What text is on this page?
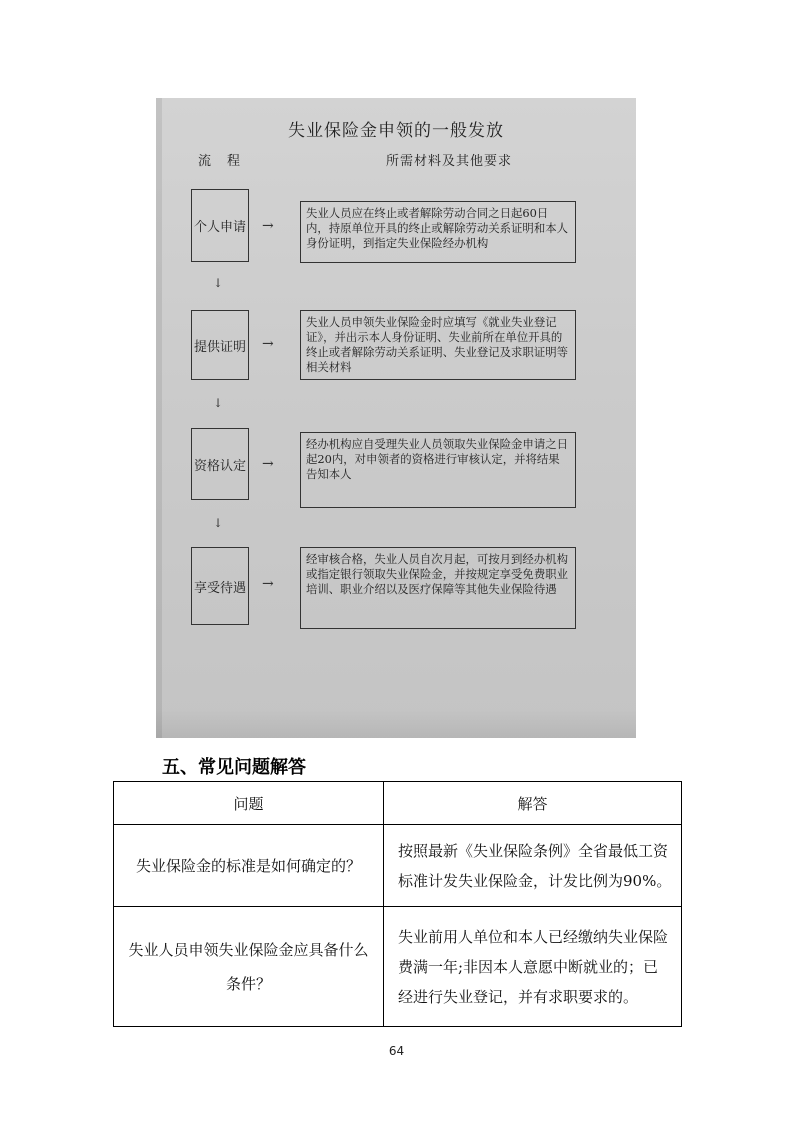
失业保险金申领的一般发放
流程	所需材料及其他要求
个人申请 →
失业人员应在终止或者解除劳动合同之日起60日内，持原单位开具的终止或解除劳动关系证明和本人身份证明，到指定失业保险经办机构
↓
提供证明 →
失业人员申领失业保险金时应填写《就业失业登记证》，并出示本人身份证明、失业前所在单位开具的终止或者解除劳动关系证明、失业登记及求职证明等相关材料
↓
资格认定 →
经办机构应自受理失业人员领取失业保险金申请之日起20内，对申领者的资格进行审核认定，并将结果告知本人
↓
享受待遇 →
经审核合格，失业人员自次月起，可按月到经办机构或指定银行领取失业保险金，并按规定享受免费职业培训、职业介绍以及医疗保障等其他失业保险待遇
五、常见问题解答
问题	解答
失业保险金的标准是如何确定的？	按照最新《失业保险条例》全省最低工资标准计发失业保险金，计发比例为90%。
失业人员申领失业保险金应具备什么条件？	失业前用人单位和本人已经缴纳失业保险费满一年;非因本人意愿中断就业的；已经进行失业登记，并有求职要求的。
64
